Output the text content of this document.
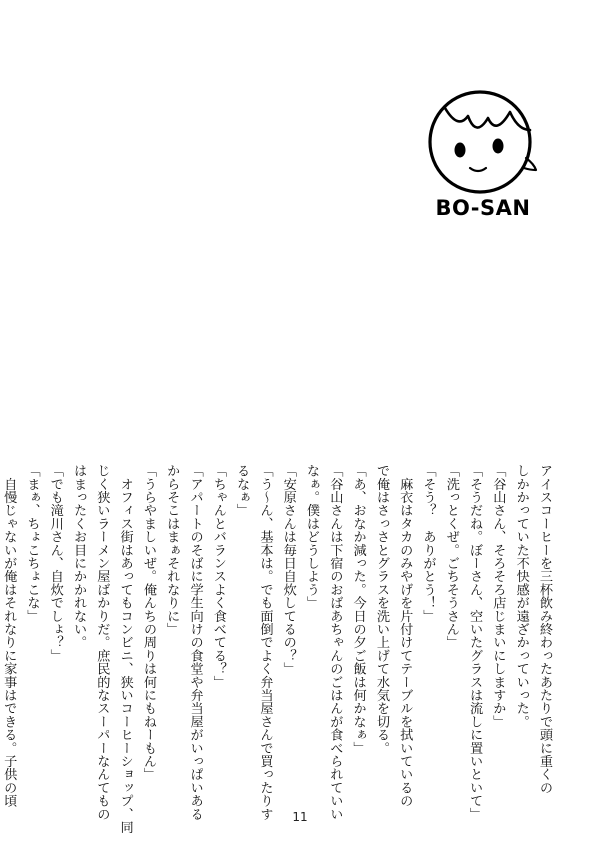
BO-SAN

アイスコーヒーを三杯飲み終わったあたりで頭に重くの

しかかっていた不快感が遠ざかっていった。

「谷山さん、そろそろ店じまいにしますか」

「そうだね。ぼーさん、空いたグラスは流しに置いといて」

「洗っとくぜ。ごちそうさん」

「そう？　ありがとう！」

　麻衣はタカのみやげを片付けてテーブルを拭いているの

で俺はさっさとグラスを洗い上げて水気を切る。

「あ、おなか減った。今日の夕ご飯は何かなぁ」

「谷山さんは下宿のおばあちゃんのごはんが食べられていい

なぁ。僕はどうしよう」

「安原さんは毎日自炊してるの？」

「う～ん、基本は。でも面倒でよく弁当屋さんで買ったりす

るなぁ」

「ちゃんとバランスよく食べてる？」

「アパートのそばに学生向けの食堂や弁当屋がいっぱいある

からそこはまぁそれなりに」

「うらやましいぜ。俺んちの周りは何にもねーもん」

　オフィス街はあってもコンビニ、狭いコーヒーショップ、同

じく狭いラーメン屋ばかりだ。庶民的なスーパーなんてもの

はまったくお目にかかれない。

「でも滝川さん、自炊でしょ？」

「まぁ、ちょこちょこな」

　自慢じゃないが俺はそれなりに家事はできる。子供の頃

11
